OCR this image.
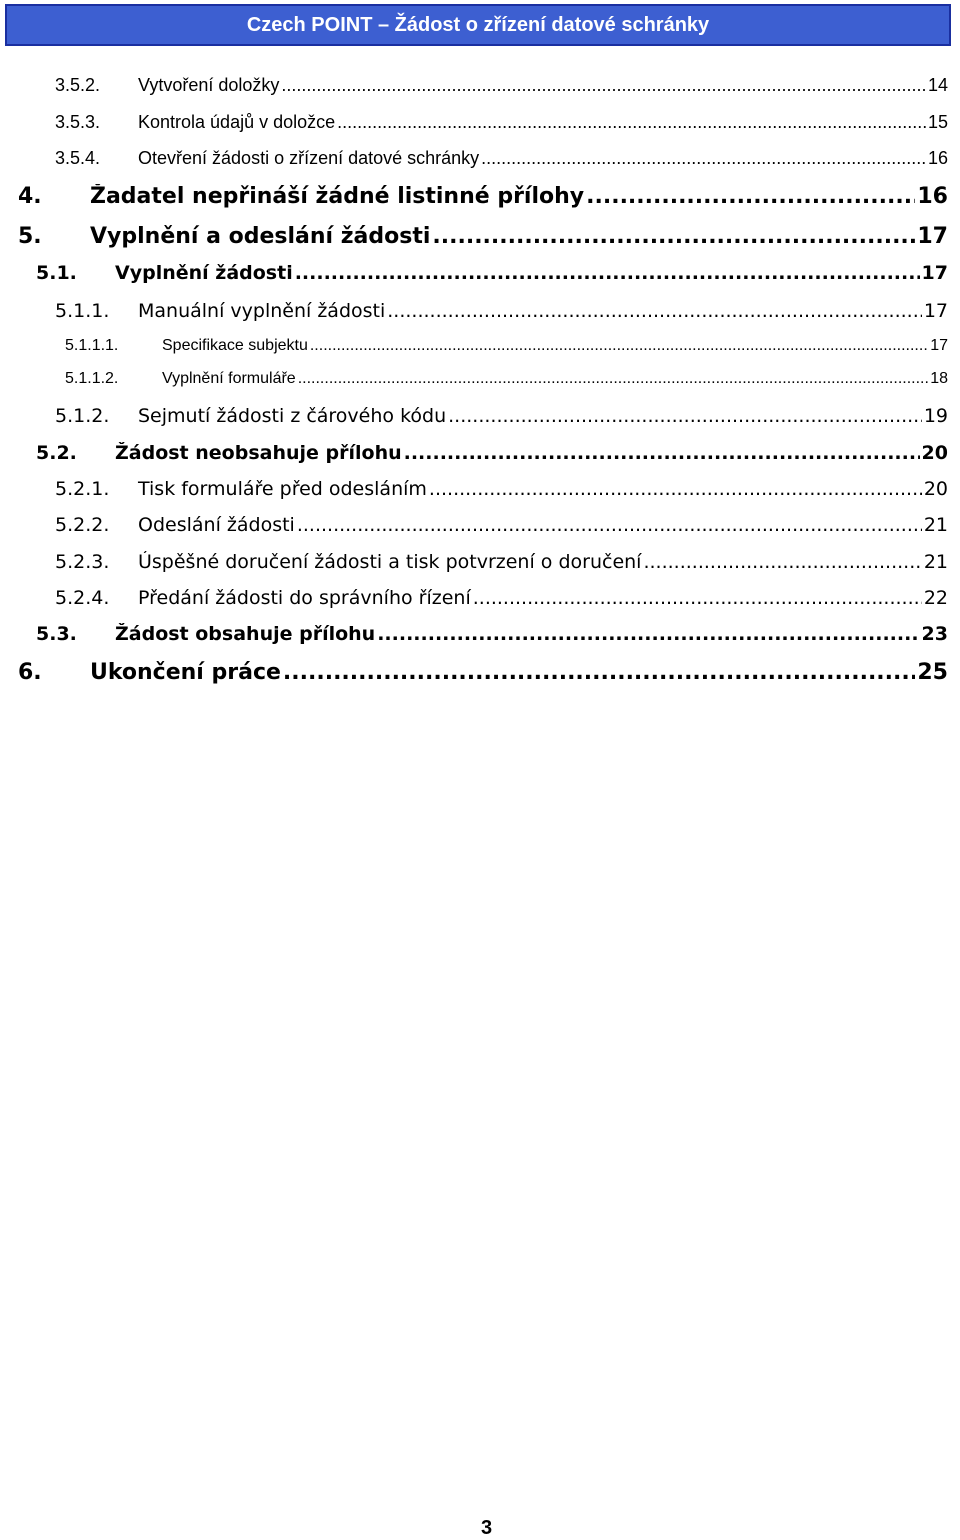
Czech POINT – Žádost o zřízení datové schránky
3.5.2.	Vytvoření doložky .....	14
3.5.3.	Kontrola údajů v doložce .....	15
3.5.4.	Otevření žádosti o zřízení datové schránky .....	16
4.	Žadatel nepřináší žádné listinné přílohy .....	16
5.	Vyplnění a odeslání žádosti .....	17
5.1.	Vyplnění žádosti .....	17
5.1.1.	Manuální vyplnění žádosti .....	17
5.1.1.1.	Specifikace subjektu .....	17
5.1.1.2.	Vyplnění formuláře .....	18
5.1.2.	Sejmutí žádosti z čárového kódu .....	19
5.2.	Žádost neobsahuje přílohu .....	20
5.2.1.	Tisk formuláře před odesláním .....	20
5.2.2.	Odeslání žádosti .....	21
5.2.3.	Úspěšné doručení žádosti a tisk potvrzení o doručení .....	21
5.2.4.	Předání žádosti do správního řízení .....	22
5.3.	Žádost obsahuje přílohu .....	23
6.	Ukončení práce .....	25
3
